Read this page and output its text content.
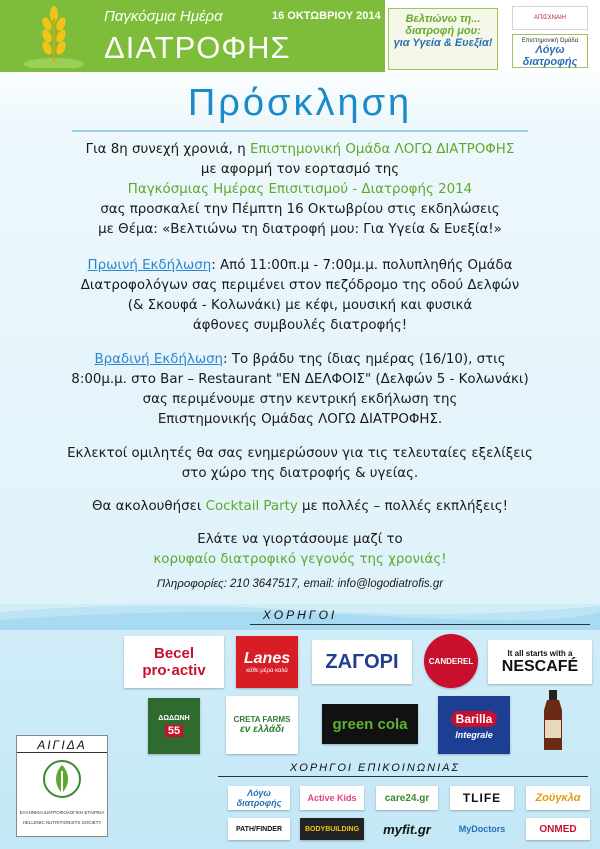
Παγκόσμια Ημέρα	16 ΟΚΤΩΒΡΙΟΥ 2014
ΔΙΑΤΡΟΦΗΣ
Βελτιώνω τη...
διατροφή μου:
για Υγεία & Ευεξία!
ΑΠΙΣΧΝΑΙΗ
Επιστημονική Ομάδα
Λόγω διατροφής
Πρόσκληση
Για 8η συνεχή χρονιά, η Επιστημονική Ομάδα ΛΟΓΩ ΔΙΑΤΡΟΦΗΣ
με αφορμή τον εορτασμό της
Παγκόσμιας Ημέρας Επισιτισμού - Διατροφής 2014
σας προσκαλεί την Πέμπτη 16 Οκτωβρίου στις εκδηλώσεις
με Θέμα: «Βελτιώνω τη διατροφή μου: Για Υγεία & Ευεξία!»
Πρωινή Εκδήλωση: Από 11:00π.μ - 7:00μ.μ. πολυπληθής Ομάδα
Διατροφολόγων σας περιμένει στον πεζόδρομο της οδού Δελφών
(& Σκουφά - Κολωνάκι) με κέφι, μουσική και φυσικά
άφθονες συμβουλές διατροφής!
Βραδινή Εκδήλωση: Το βράδυ της ίδιας ημέρας (16/10), στις
8:00μ.μ. στο Bar – Restaurant "ΕΝ ΔΕΛΦΟΙΣ" (Δελφών 5 - Κολωνάκι)
σας περιμένουμε στην κεντρική εκδήλωση της
Επιστημονικής Ομάδας ΛΟΓΩ ΔΙΑΤΡΟΦΗΣ.
Εκλεκτοί ομιλητές θα σας ενημερώσουν για τις τελευταίες εξελίξεις
στο χώρο της διατροφής & υγείας.
Θα ακολουθήσει Cocktail Party με πολλές – πολλές εκπλήξεις!
Ελάτε να γιορτάσουμε μαζί το
κορυφαίο διατροφικό γεγονός της χρονιάς!
Πληροφορίες: 210 3647517, email: info@logodiatrofis.gr
ΧΟΡΗΓΟΙ
Becel pro·activ
Lanes
κάθε μέρα καλά ΖΑΓΟΡΙ	CANDEREL
It all starts with a
NESCAFÉ
ΔΩΔΩΝΗ
55
CRETA FARMS
εν ελλάδι	green cola	Barilla
Integrale
ΑΙΓΙΔΑ
ΕΛΛΗΝΙΚΗ ΔΙΑΤΡΟΦΟΛΟΓΙΚΗ ΕΤΑΙΡΕΙΑ
HELLENIC NUTRITIONISTS SOCIETY
ΧΟΡΗΓΟΙ ΕΠΙΚΟΙΝΩΝΙΑΣ
Λόγω διατροφής	Active Kids	care24.gr	TLIFE	Ζούγκλα
PATH/FINDER	BODYBUILDING myfit.gr	MyDoctors	ONMED
